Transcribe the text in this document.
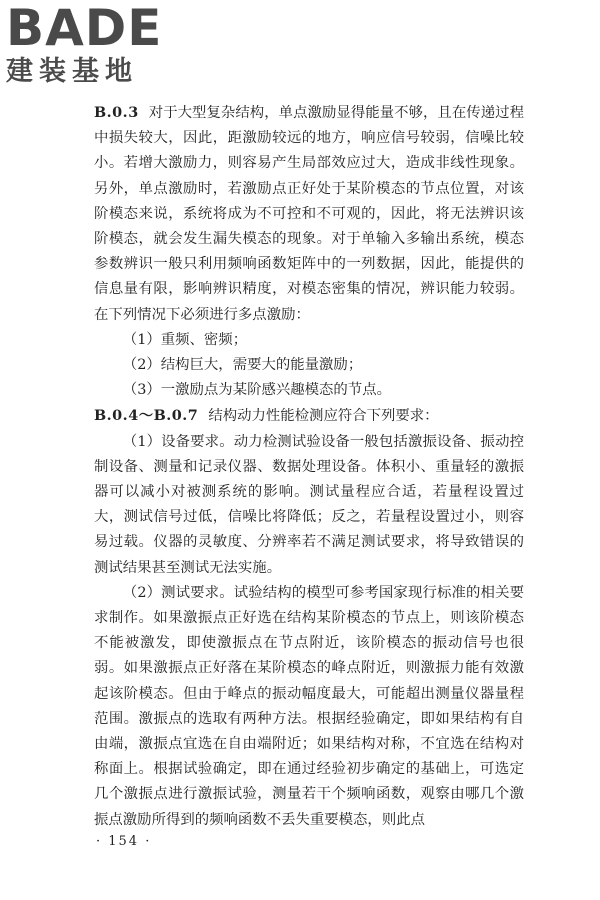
BADE
建装基地

B.0.3 对于大型复杂结构，单点激励显得能量不够，且在传递过程中损失较大，因此，距激励较远的地方，响应信号较弱，信噪比较小。若增大激励力，则容易产生局部效应过大，造成非线性现象。另外，单点激励时，若激励点正好处于某阶模态的节点位置，对该阶模态来说，系统将成为不可控和不可观的，因此，将无法辨识该阶模态，就会发生漏失模态的现象。对于单输入多输出系统，模态参数辨识一般只利用频响函数矩阵中的一列数据，因此，能提供的信息量有限，影响辨识精度，对模态密集的情况，辨识能力较弱。在下列情况下必须进行多点激励：

（1）重频、密频；

（2）结构巨大，需要大的能量激励；

（3）一激励点为某阶感兴趣模态的节点。

B.0.4～B.0.7 结构动力性能检测应符合下列要求：

（1）设备要求。动力检测试验设备一般包括激振设备、振动控制设备、测量和记录仪器、数据处理设备。体积小、重量轻的激振器可以减小对被测系统的影响。测试量程应合适，若量程设置过大，测试信号过低，信噪比将降低；反之，若量程设置过小，则容易过载。仪器的灵敏度、分辨率若不满足测试要求，将导致错误的测试结果甚至测试无法实施。

（2）测试要求。试验结构的模型可参考国家现行标准的相关要求制作。如果激振点正好选在结构某阶模态的节点上，则该阶模态不能被激发，即使激振点在节点附近，该阶模态的振动信号也很弱。如果激振点正好落在某阶模态的峰点附近，则激振力能有效激起该阶模态。但由于峰点的振动幅度最大，可能超出测量仪器量程范围。激振点的选取有两种方法。根据经验确定，即如果结构有自由端，激振点宜选在自由端附近；如果结构对称，不宜选在结构对称面上。根据试验确定，即在通过经验初步确定的基础上，可选定几个激振点进行激振试验，测量若干个频响函数，观察由哪几个激振点激励所得到的频响函数不丢失重要模态，则此点

· 154 ·
